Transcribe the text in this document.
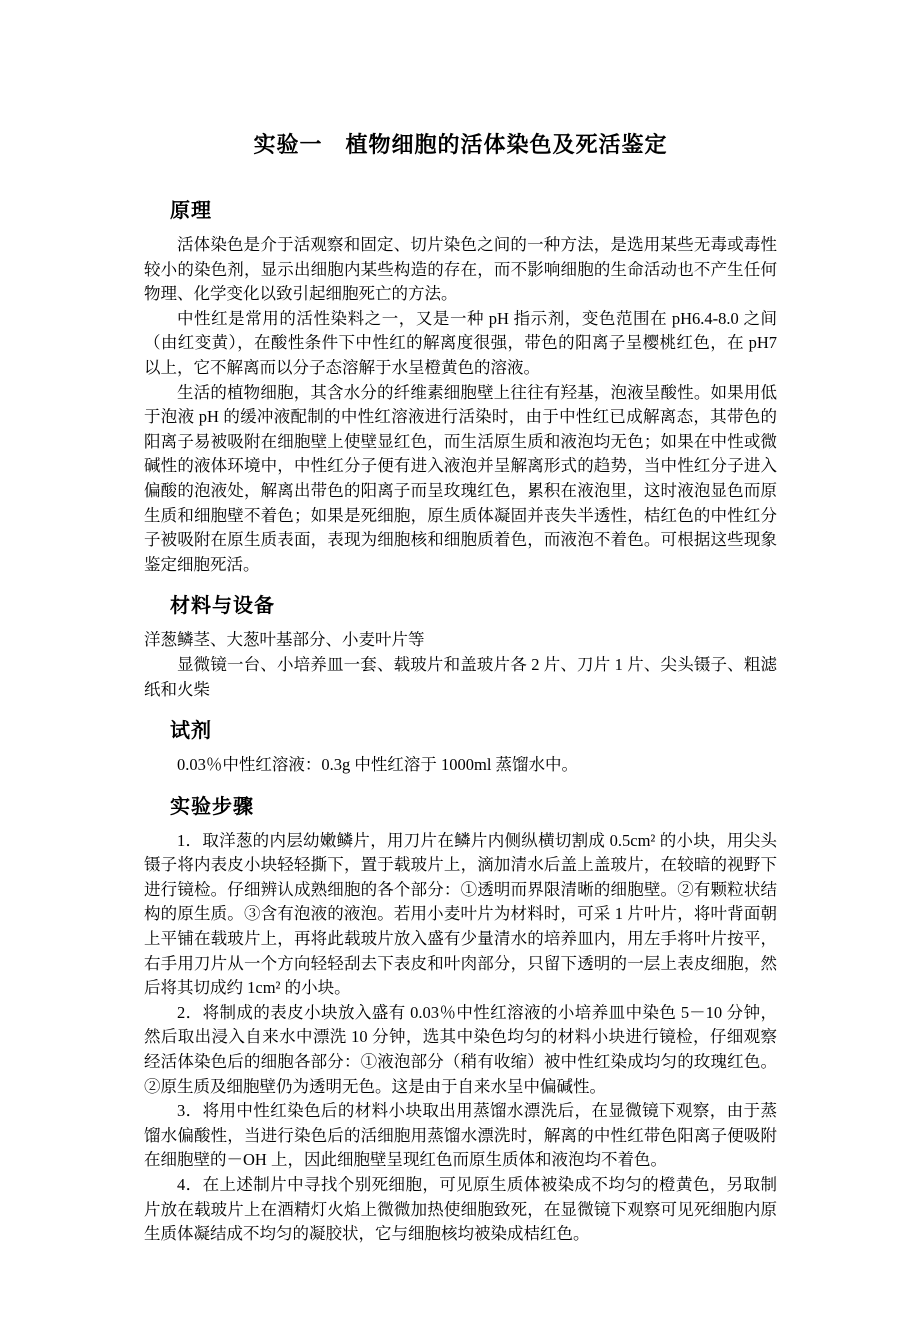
实验一　植物细胞的活体染色及死活鉴定
原理

活体染色是介于活观察和固定、切片染色之间的一种方法，是选用某些无毒或毒性较小的染色剂，显示出细胞内某些构造的存在，而不影响细胞的生命活动也不产生任何物理、化学变化以致引起细胞死亡的方法。

中性红是常用的活性染料之一，又是一种 pH 指示剂，变色范围在 pH6.4-8.0 之间（由红变黄），在酸性条件下中性红的解离度很强，带色的阳离子呈樱桃红色，在 pH7 以上，它不解离而以分子态溶解于水呈橙黄色的溶液。

生活的植物细胞，其含水分的纤维素细胞壁上往往有羟基，泡液呈酸性。如果用低于泡液 pH 的缓冲液配制的中性红溶液进行活染时，由于中性红已成解离态，其带色的阳离子易被吸附在细胞壁上使壁显红色，而生活原生质和液泡均无色；如果在中性或微碱性的液体环境中，中性红分子便有进入液泡并呈解离形式的趋势，当中性红分子进入偏酸的泡液处，解离出带色的阳离子而呈玫瑰红色，累积在液泡里，这时液泡显色而原生质和细胞壁不着色；如果是死细胞，原生质体凝固并丧失半透性，桔红色的中性红分子被吸附在原生质表面，表现为细胞核和细胞质着色，而液泡不着色。可根据这些现象鉴定细胞死活。

材料与设备

洋葱鳞茎、大葱叶基部分、小麦叶片等

显微镜一台、小培养皿一套、载玻片和盖玻片各 2 片、刀片 1 片、尖头镊子、粗滤纸和火柴

试剂

0.03％中性红溶液：0.3g 中性红溶于 1000ml 蒸馏水中。

实验步骤

1．取洋葱的内层幼嫩鳞片，用刀片在鳞片内侧纵横切割成 0.5cm² 的小块，用尖头镊子将内表皮小块轻轻撕下，置于载玻片上，滴加清水后盖上盖玻片，在较暗的视野下进行镜检。仔细辨认成熟细胞的各个部分：①透明而界限清晰的细胞壁。②有颗粒状结构的原生质。③含有泡液的液泡。若用小麦叶片为材料时，可采 1 片叶片，将叶背面朝上平铺在载玻片上，再将此载玻片放入盛有少量清水的培养皿内，用左手将叶片按平，右手用刀片从一个方向轻轻刮去下表皮和叶肉部分，只留下透明的一层上表皮细胞，然后将其切成约 1cm² 的小块。

2．将制成的表皮小块放入盛有 0.03％中性红溶液的小培养皿中染色 5－10 分钟，然后取出浸入自来水中漂洗 10 分钟，选其中染色均匀的材料小块进行镜检，仔细观察经活体染色后的细胞各部分：①液泡部分（稍有收缩）被中性红染成均匀的玫瑰红色。②原生质及细胞壁仍为透明无色。这是由于自来水呈中偏碱性。

3．将用中性红染色后的材料小块取出用蒸馏水漂洗后，在显微镜下观察，由于蒸馏水偏酸性，当进行染色后的活细胞用蒸馏水漂洗时，解离的中性红带色阳离子便吸附在细胞壁的－OH 上，因此细胞壁呈现红色而原生质体和液泡均不着色。

4．在上述制片中寻找个别死细胞，可见原生质体被染成不均匀的橙黄色，另取制片放在载玻片上在酒精灯火焰上微微加热使细胞致死，在显微镜下观察可见死细胞内原生质体凝结成不均匀的凝胶状，它与细胞核均被染成桔红色。
